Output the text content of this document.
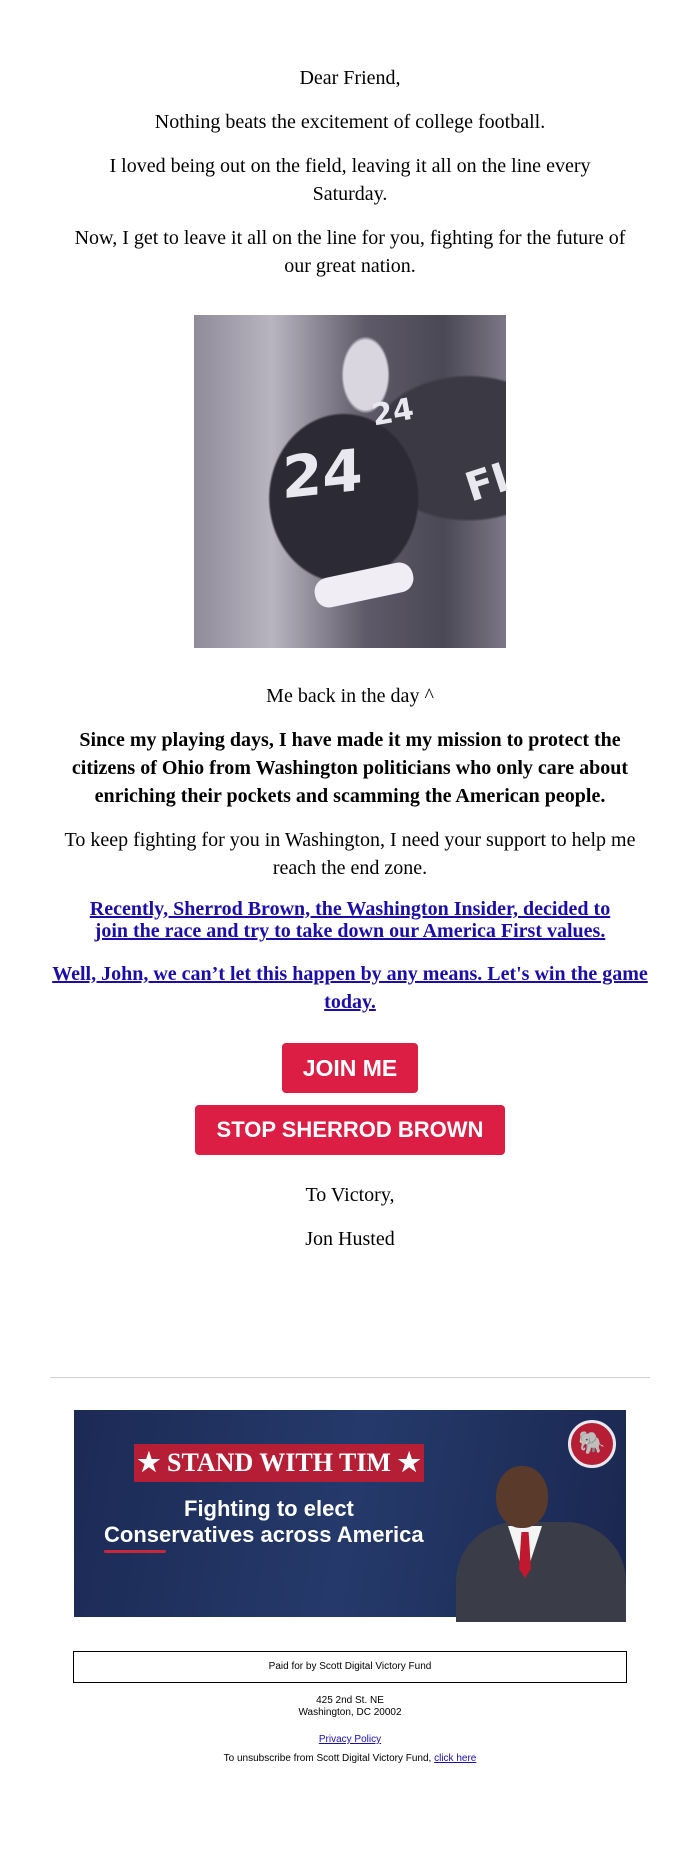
Dear Friend,
Nothing beats the excitement of college football.
I loved being out on the field, leaving it all on the line every Saturday.
Now, I get to leave it all on the line for you, fighting for the future of our great nation.
24
24 FI
Me back in the day ^
Since my playing days, I have made it my mission to protect the citizens of Ohio from Washington politicians who only care about enriching their pockets and scamming the American people.
To keep fighting for you in Washington, I need your support to help me reach the end zone.
Recently, Sherrod Brown, the Washington Insider, decided to join the race and try to take down our America First values.
Well, John, we can’t let this happen by any means. Let's win the game today.
JOIN ME
STOP SHERROD BROWN
To Victory,
Jon Husted
★ STAND WITH TIM ★
Fighting to elect
Conservatives across America
🐘
Paid for by Scott Digital Victory Fund
425 2nd St. NE
Washington, DC 20002
Privacy Policy
To unsubscribe from Scott Digital Victory Fund, click here
